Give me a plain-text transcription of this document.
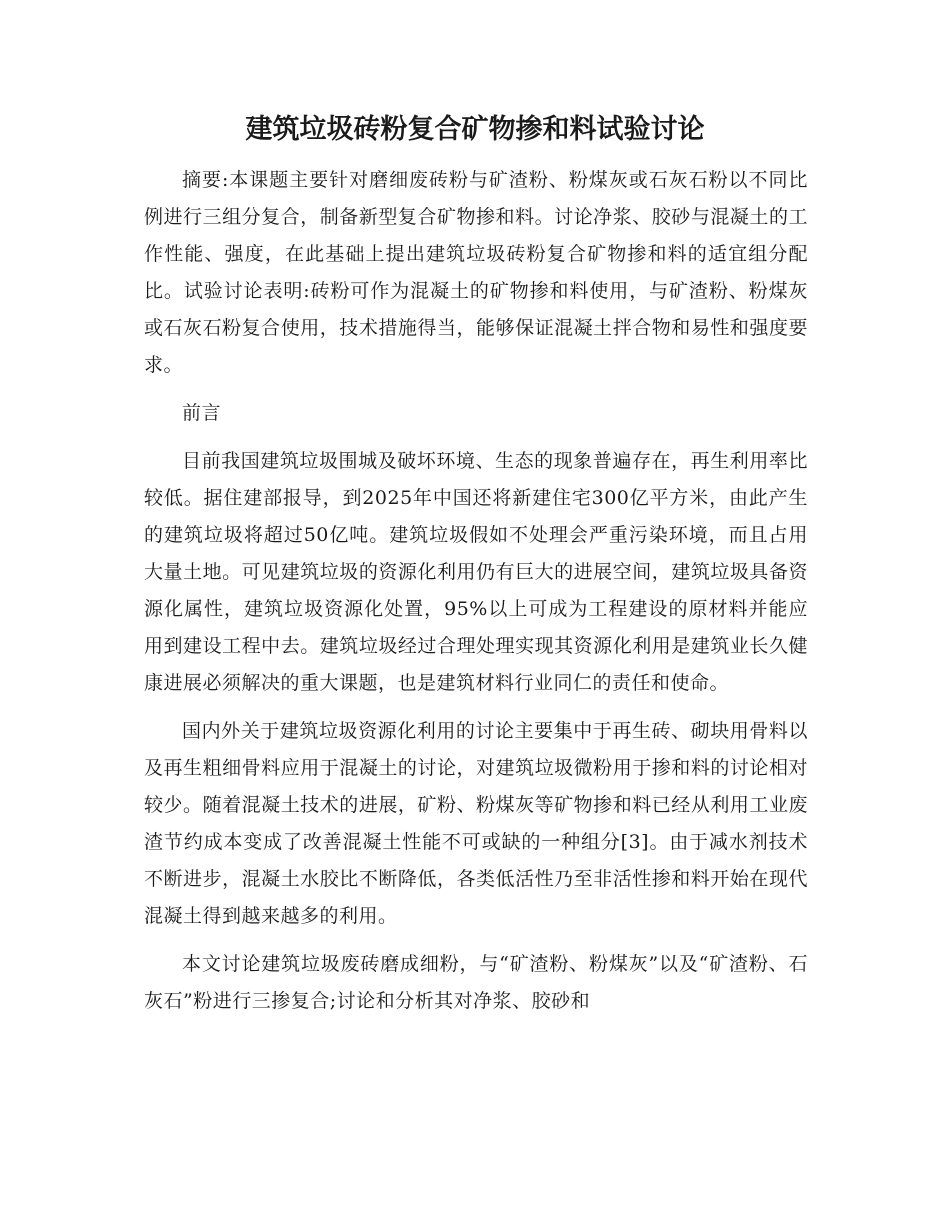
建筑垃圾砖粉复合矿物掺和料试验讨论

摘要:本课题主要针对磨细废砖粉与矿渣粉、粉煤灰或石灰石粉以不同比例进行三组分复合，制备新型复合矿物掺和料。讨论净浆、胶砂与混凝土的工作性能、强度，在此基础上提出建筑垃圾砖粉复合矿物掺和料的适宜组分配比。试验讨论表明:砖粉可作为混凝土的矿物掺和料使用，与矿渣粉、粉煤灰或石灰石粉复合使用，技术措施得当，能够保证混凝土拌合物和易性和强度要求。

前言

目前我国建筑垃圾围城及破坏环境、生态的现象普遍存在，再生利用率比较低。据住建部报导，到2025年中国还将新建住宅300亿平方米，由此产生的建筑垃圾将超过50亿吨。建筑垃圾假如不处理会严重污染环境，而且占用大量土地。可见建筑垃圾的资源化利用仍有巨大的进展空间，建筑垃圾具备资源化属性，建筑垃圾资源化处置，95%以上可成为工程建设的原材料并能应用到建设工程中去。建筑垃圾经过合理处理实现其资源化利用是建筑业长久健康进展必须解决的重大课题，也是建筑材料行业同仁的责任和使命。

国内外关于建筑垃圾资源化利用的讨论主要集中于再生砖、砌块用骨料以及再生粗细骨料应用于混凝土的讨论，对建筑垃圾微粉用于掺和料的讨论相对较少。随着混凝土技术的进展，矿粉、粉煤灰等矿物掺和料已经从利用工业废渣节约成本变成了改善混凝土性能不可或缺的一种组分[3]。由于减水剂技术不断进步，混凝土水胶比不断降低，各类低活性乃至非活性掺和料开始在现代混凝土得到越来越多的利用。

本文讨论建筑垃圾废砖磨成细粉，与“矿渣粉、粉煤灰”以及“矿渣粉、石灰石”粉进行三掺复合;讨论和分析其对净浆、胶砂和
